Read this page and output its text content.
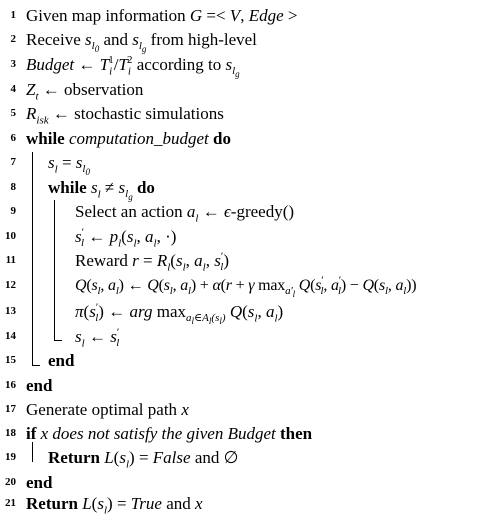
1 Given map information G =< V, Edge >
2 Receive $s_{l_0}$ and $s_{l_g}$ from high-level
3 Budget ← $T_i^1/T_i^2$ according to $s_{l_g}$
4 $Z_t$ ← observation
5 $R_{isk}$ ← stochastic simulations
6 while computation_budget do
7 $s_l = s_{l_0}$
8 while $s_l \ne s_{l_g}$ do
9	Select an action $a_l$ ← ϵ-greedy()
10	$s'_l$ ← $p_l(s_l$, $a_l$, ·)
11	Reward $r = R_l(s_l$, $a_l$, $s'_l$)
12	$Q(s_l$, $a_l$) ← $Q(s_l$, $a_l) + \alpha(r + \gamma$ $\max_{a'_l} Q(s'_l$, $a'_l) - Q(s_l$, $a_l$))
13	$\pi(s'_l)$ ← arg $\max_{a_l\in A_l(s_l)} Q(s_l$, $a_l$)
14	$s_l$ ← $s'_l$
15 end
16 end
17 Generate optimal path x
18 if x does not satisfy the given Budget then
19 Return $L(s_l)$ = False and ∅
20 end
21 Return $L(s_l)$ = True and x
